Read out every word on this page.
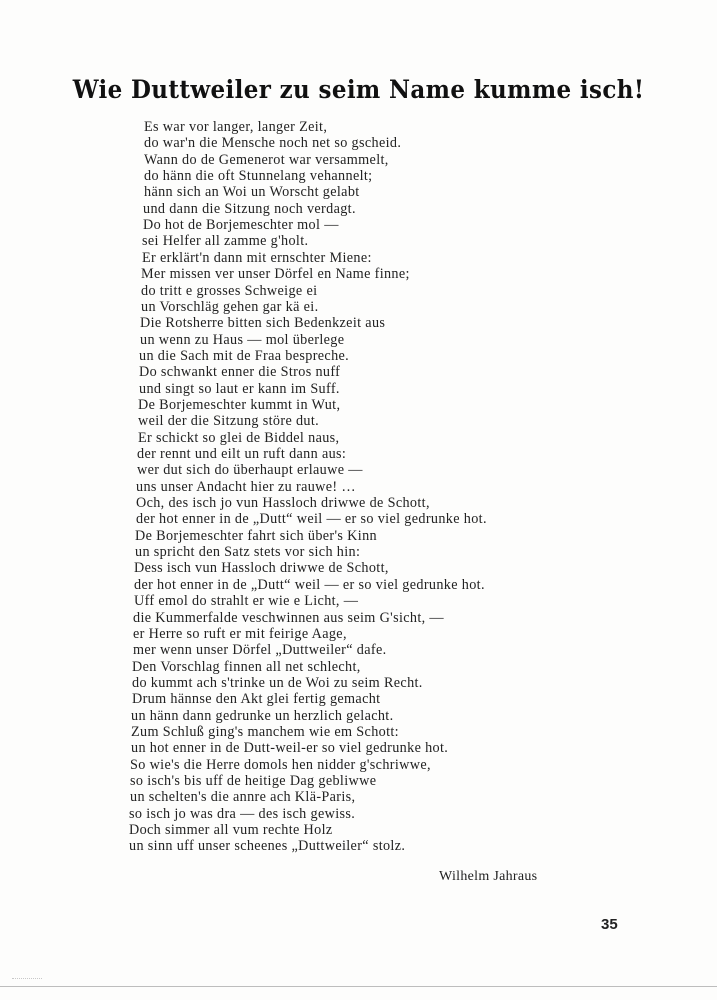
Wie Duttweiler zu seim Name kumme isch!
Es war vor langer, langer Zeit,
do war'n die Mensche noch net so gscheid.
Wann do de Gemenerot war versammelt,
do hänn die oft Stunnelang vehannelt;
hänn sich an Woi un Worscht gelabt
und dann die Sitzung noch verdagt.
Do hot de Borjemeschter mol —
sei Helfer all zamme g'holt.
Er erklärt'n dann mit ernschter Miene:
Mer missen ver unser Dörfel en Name finne;
do tritt e grosses Schweige ei
un Vorschläg gehen gar kä ei.
Die Rotsherre bitten sich Bedenkzeit aus
un wenn zu Haus — mol überlege
un die Sach mit de Fraa bespreche.
Do schwankt enner die Stros nuff
und singt so laut er kann im Suff.
De Borjemeschter kummt in Wut,
weil der die Sitzung störe dut.
Er schickt so glei de Biddel naus,
der rennt und eilt un ruft dann aus:
wer dut sich do überhaupt erlauwe —
uns unser Andacht hier zu rauwe! …
Och, des isch jo vun Hassloch driwwe de Schott,
der hot enner in de „Dutt“ weil — er so viel gedrunke hot.
De Borjemeschter fahrt sich über's Kinn
un spricht den Satz stets vor sich hin:
Dess isch vun Hassloch driwwe de Schott,
der hot enner in de „Dutt“ weil — er so viel gedrunke hot.
Uff emol do strahlt er wie e Licht, —
die Kummerfalde veschwinnen aus seim G'sicht, —
er Herre so ruft er mit feirige Aage,
mer wenn unser Dörfel „Duttweiler“ dafe.
Den Vorschlag finnen all net schlecht,
do kummt ach s'trinke un de Woi zu seim Recht.
Drum hännse den Akt glei fertig gemacht
un hänn dann gedrunke un herzlich gelacht.
Zum Schluß ging's manchem wie em Schott:
un hot enner in de Dutt-weil-er so viel gedrunke hot.
So wie's die Herre domols hen nidder g'schriwwe,
so isch's bis uff de heitige Dag gebliwwe
un schelten's die annre ach Klä-Paris,
so isch jo was dra — des isch gewiss.
Doch simmer all vum rechte Holz
un sinn uff unser scheenes „Duttweiler“ stolz.
Wilhelm Jahraus
35
